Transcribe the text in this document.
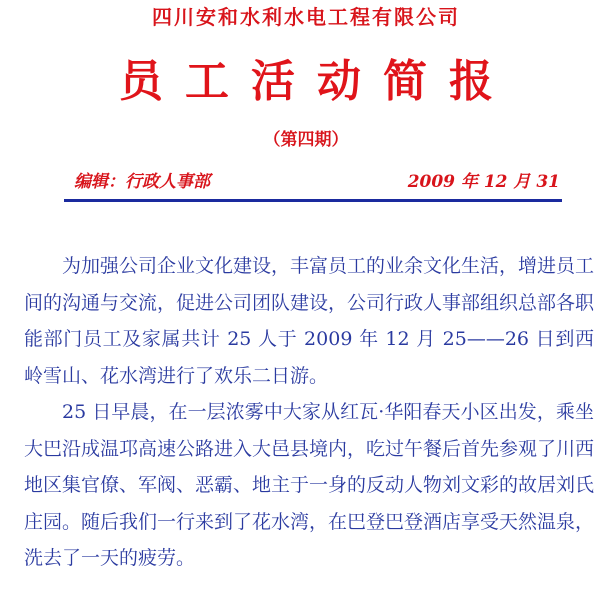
四川安和水利水电工程有限公司
员工活动简报
（第四期）
编辑：行政人事部	2009 年 12 月 31

为加强公司企业文化建设，丰富员工的业余文化生活，增进员工间的沟通与交流，促进公司团队建设，公司行政人事部组织总部各职能部门员工及家属共计 25 人于 2009 年 12 月 25——26 日到西岭雪山、花水湾进行了欢乐二日游。

25 日早晨，在一层浓雾中大家从红瓦·华阳春天小区出发，乘坐大巴沿成温邛高速公路进入大邑县境内，吃过午餐后首先参观了川西地区集官僚、军阀、恶霸、地主于一身的反动人物刘文彩的故居刘氏庄园。随后我们一行来到了花水湾，在巴登巴登酒店享受天然温泉，洗去了一天的疲劳。
